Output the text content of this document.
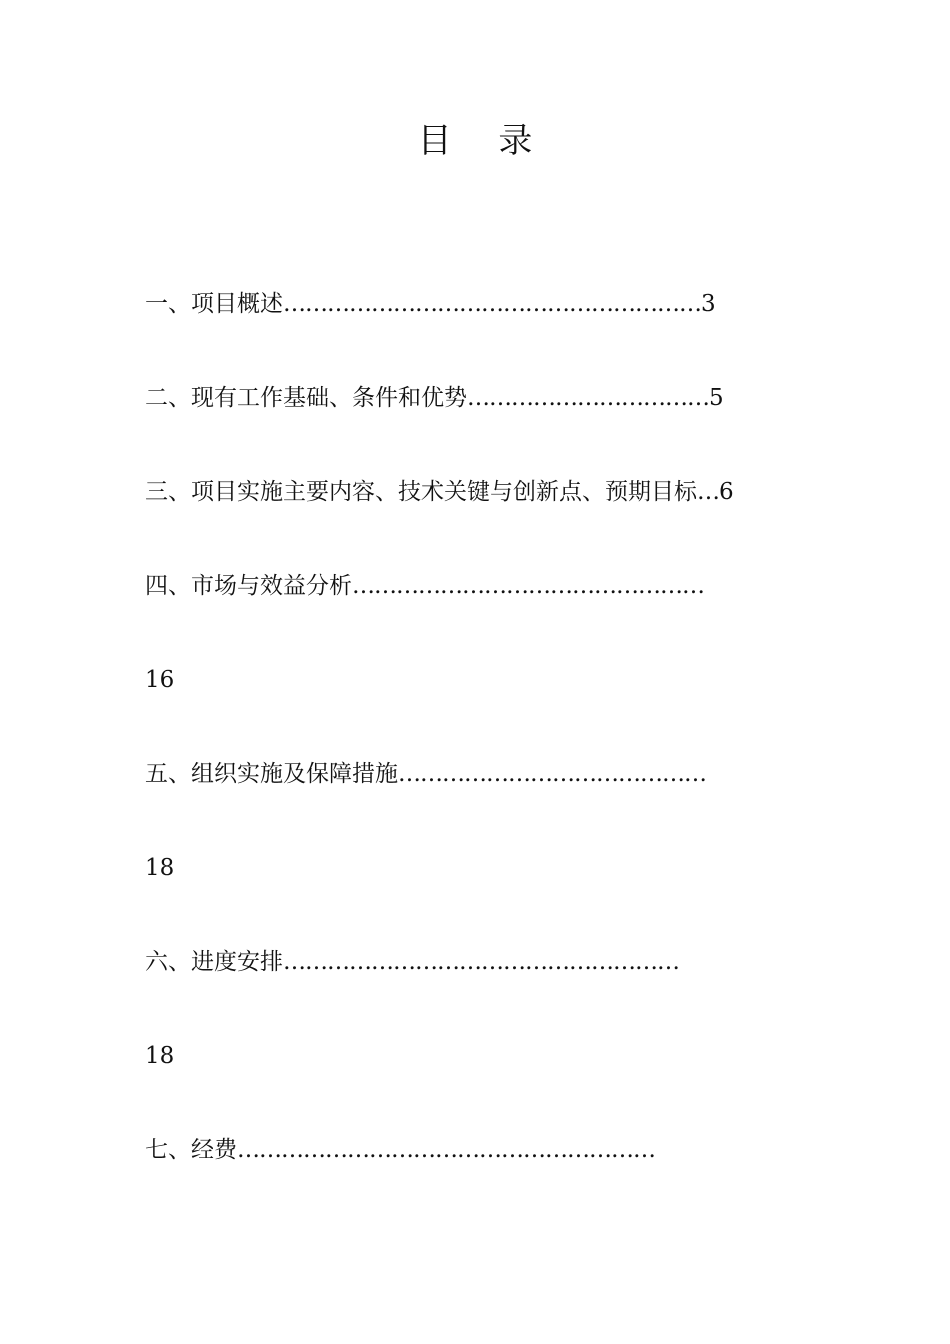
目 录
一、项目概述…………………………………………………3
二、现有工作基础、条件和优势……………………………5
三、项目实施主要内容、技术关键与创新点、预期目标…6
四、市场与效益分析…………………………………………
16
五、组织实施及保障措施……………………………………
18
六、进度安排………………………………………………
18
七、经费…………………………………………………
